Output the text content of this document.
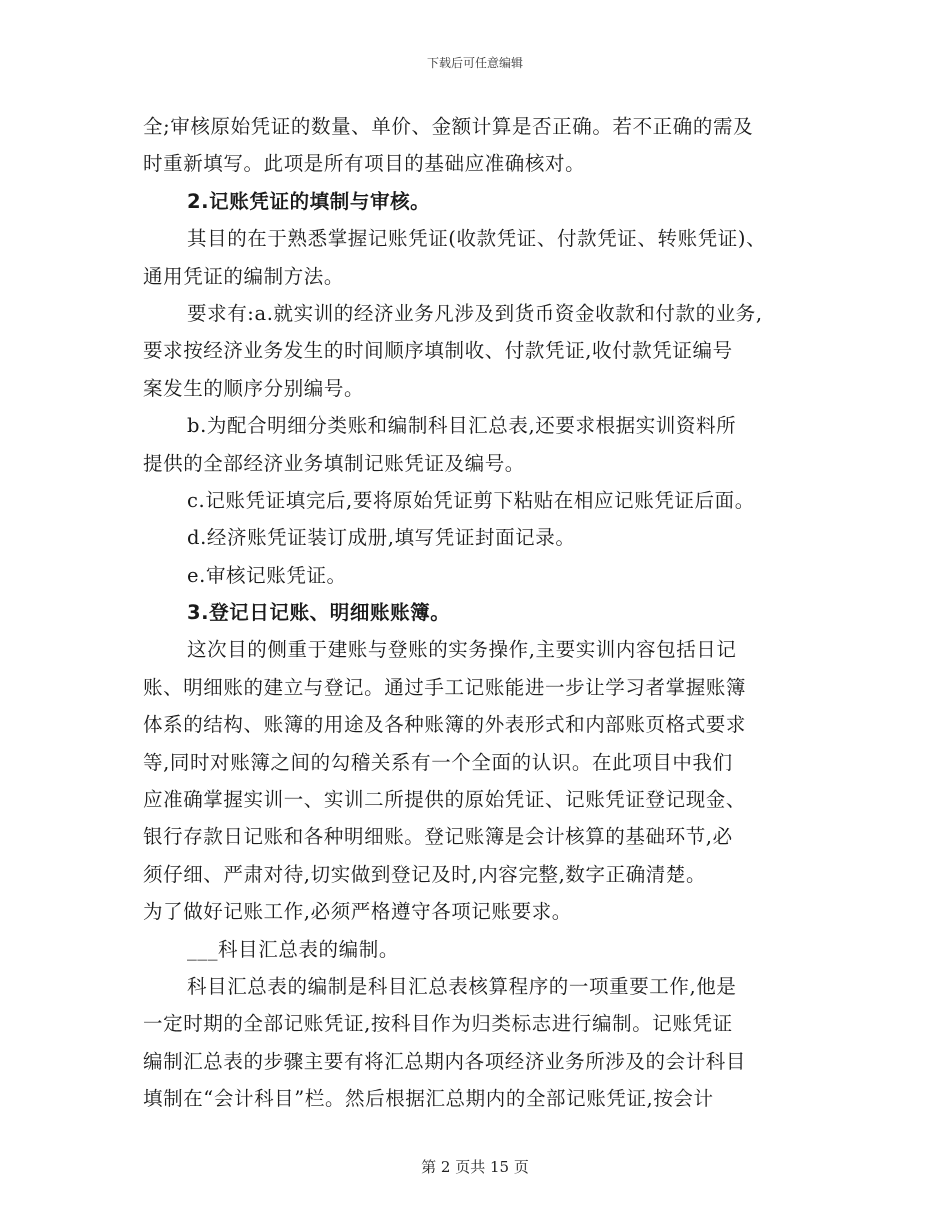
下载后可任意编辑
全;审核原始凭证的数量、单价、金额计算是否正确。若不正确的需及
时重新填写。此项是所有项目的基础应准确核对。
2.记账凭证的填制与审核。
其目的在于熟悉掌握记账凭证(收款凭证、付款凭证、转账凭证)、
通用凭证的编制方法。
要求有:a.就实训的经济业务凡涉及到货币资金收款和付款的业务,
要求按经济业务发生的时间顺序填制收、付款凭证,收付款凭证编号
案发生的顺序分别编号。
b.为配合明细分类账和编制科目汇总表,还要求根据实训资料所
提供的全部经济业务填制记账凭证及编号。
c.记账凭证填完后,要将原始凭证剪下粘贴在相应记账凭证后面。
d.经济账凭证装订成册,填写凭证封面记录。
e.审核记账凭证。
3.登记日记账、明细账账簿。
这次目的侧重于建账与登账的实务操作,主要实训内容包括日记
账、明细账的建立与登记。通过手工记账能进一步让学习者掌握账簿
体系的结构、账簿的用途及各种账簿的外表形式和内部账页格式要求
等,同时对账簿之间的勾稽关系有一个全面的认识。在此项目中我们
应准确掌握实训一、实训二所提供的原始凭证、记账凭证登记现金、
银行存款日记账和各种明细账。登记账簿是会计核算的基础环节,必
须仔细、严肃对待,切实做到登记及时,内容完整,数字正确清楚。
为了做好记账工作,必须严格遵守各项记账要求。
___科目汇总表的编制。
科目汇总表的编制是科目汇总表核算程序的一项重要工作,他是
一定时期的全部记账凭证,按科目作为归类标志进行编制。记账凭证
编制汇总表的步骤主要有将汇总期内各项经济业务所涉及的会计科目
填制在“会计科目”栏。然后根据汇总期内的全部记账凭证,按会计
第 2 页共 15 页
